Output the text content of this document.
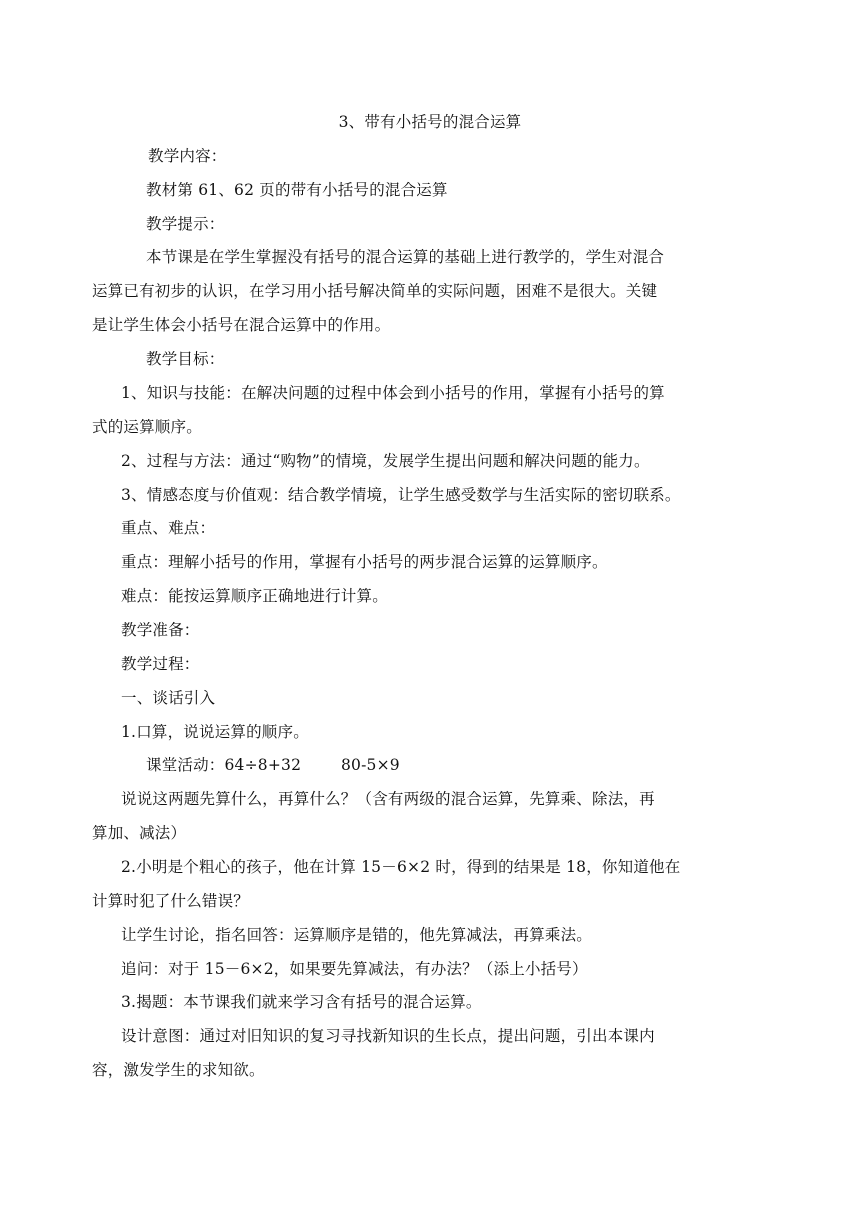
3、带有小括号的混合运算
教学内容：
教材第 61、62 页的带有小括号的混合运算
教学提示：
本节课是在学生掌握没有括号的混合运算的基础上进行教学的，学生对混合
运算已有初步的认识，在学习用小括号解决简单的实际问题，困难不是很大。关键
是让学生体会小括号在混合运算中的作用。
教学目标：
1、知识与技能：在解决问题的过程中体会到小括号的作用，掌握有小括号的算
式的运算顺序。
2、过程与方法：通过“购物”的情境，发展学生提出问题和解决问题的能力。
3、情感态度与价值观：结合教学情境，让学生感受数学与生活实际的密切联系。
重点、难点：
重点：理解小括号的作用，掌握有小括号的两步混合运算的运算顺序。
难点：能按运算顺序正确地进行计算。
教学准备：
教学过程：
一、谈话引入
1.口算，说说运算的顺序。
课堂活动：64÷8+32	80-5×9
说说这两题先算什么，再算什么？（含有两级的混合运算，先算乘、除法，再
算加、减法）
2.小明是个粗心的孩子，他在计算 15－6×2 时，得到的结果是 18，你知道他在
计算时犯了什么错误？
让学生讨论，指名回答：运算顺序是错的，他先算减法，再算乘法。
追问：对于 15－6×2，如果要先算减法，有办法？（添上小括号）
3.揭题：本节课我们就来学习含有括号的混合运算。
设计意图：通过对旧知识的复习寻找新知识的生长点，提出问题，引出本课内
容，激发学生的求知欲。
